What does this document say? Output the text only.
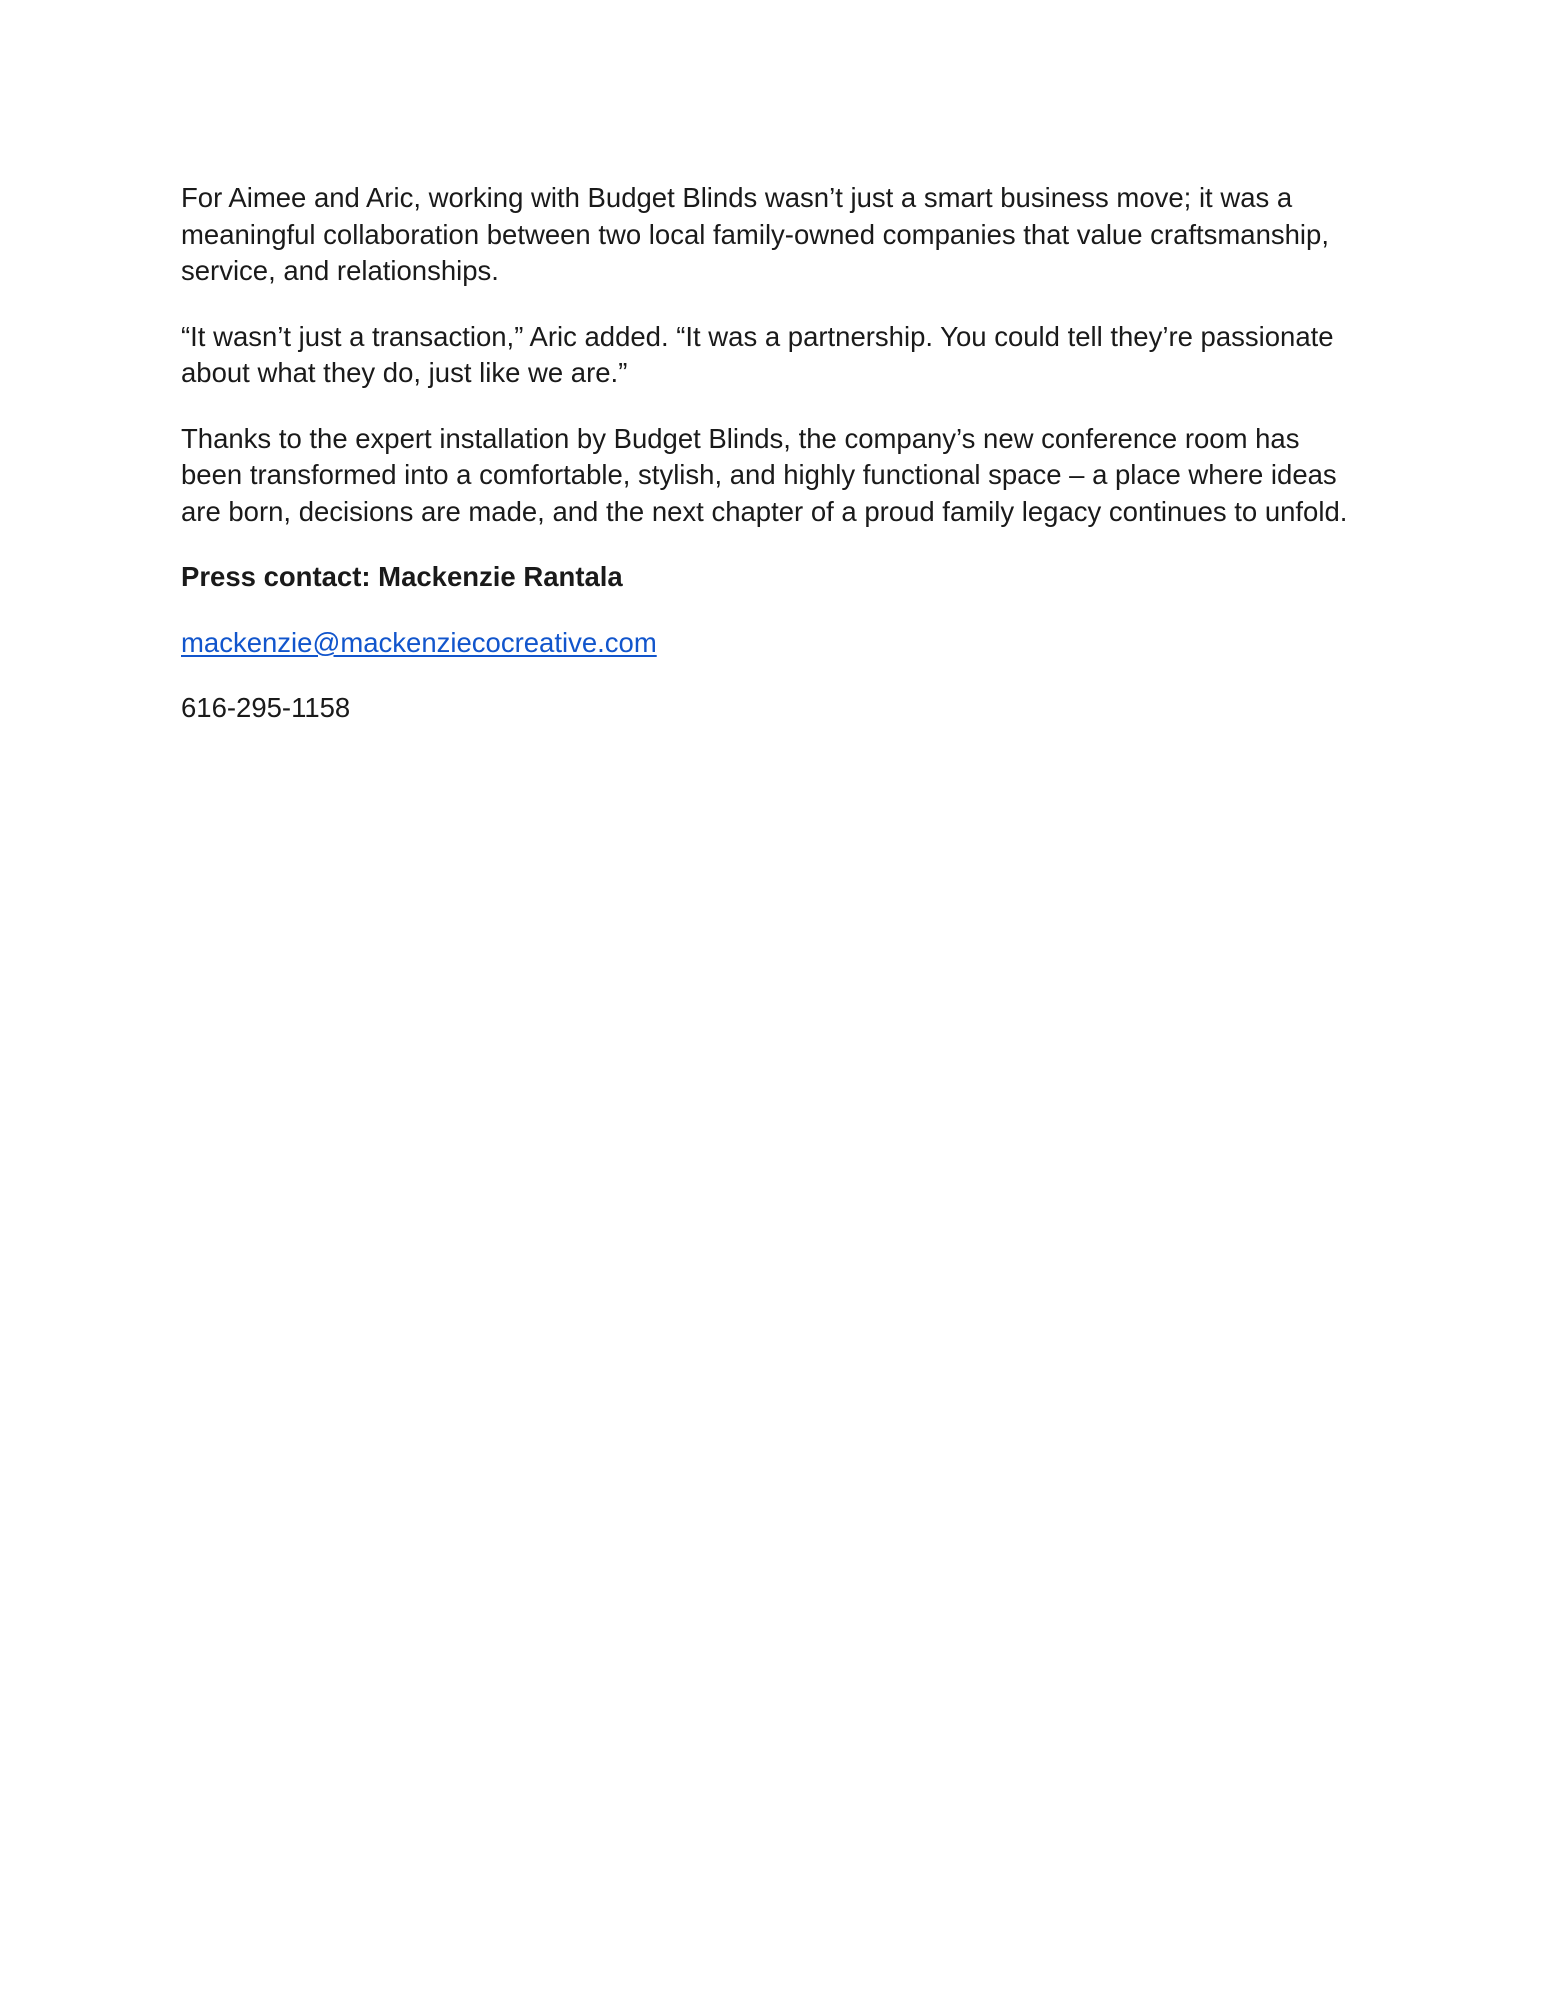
For Aimee and Aric, working with Budget Blinds wasn’t just a smart business move; it was a
meaningful collaboration between two local family-owned companies that value craftsmanship,
service, and relationships.

“It wasn’t just a transaction,” Aric added. “It was a partnership. You could tell they’re passionate
about what they do, just like we are.”

Thanks to the expert installation by Budget Blinds, the company’s new conference room has
been transformed into a comfortable, stylish, and highly functional space – a place where ideas
are born, decisions are made, and the next chapter of a proud family legacy continues to unfold.

Press contact: Mackenzie Rantala

mackenzie@mackenziecocreative.com

616-295-1158
